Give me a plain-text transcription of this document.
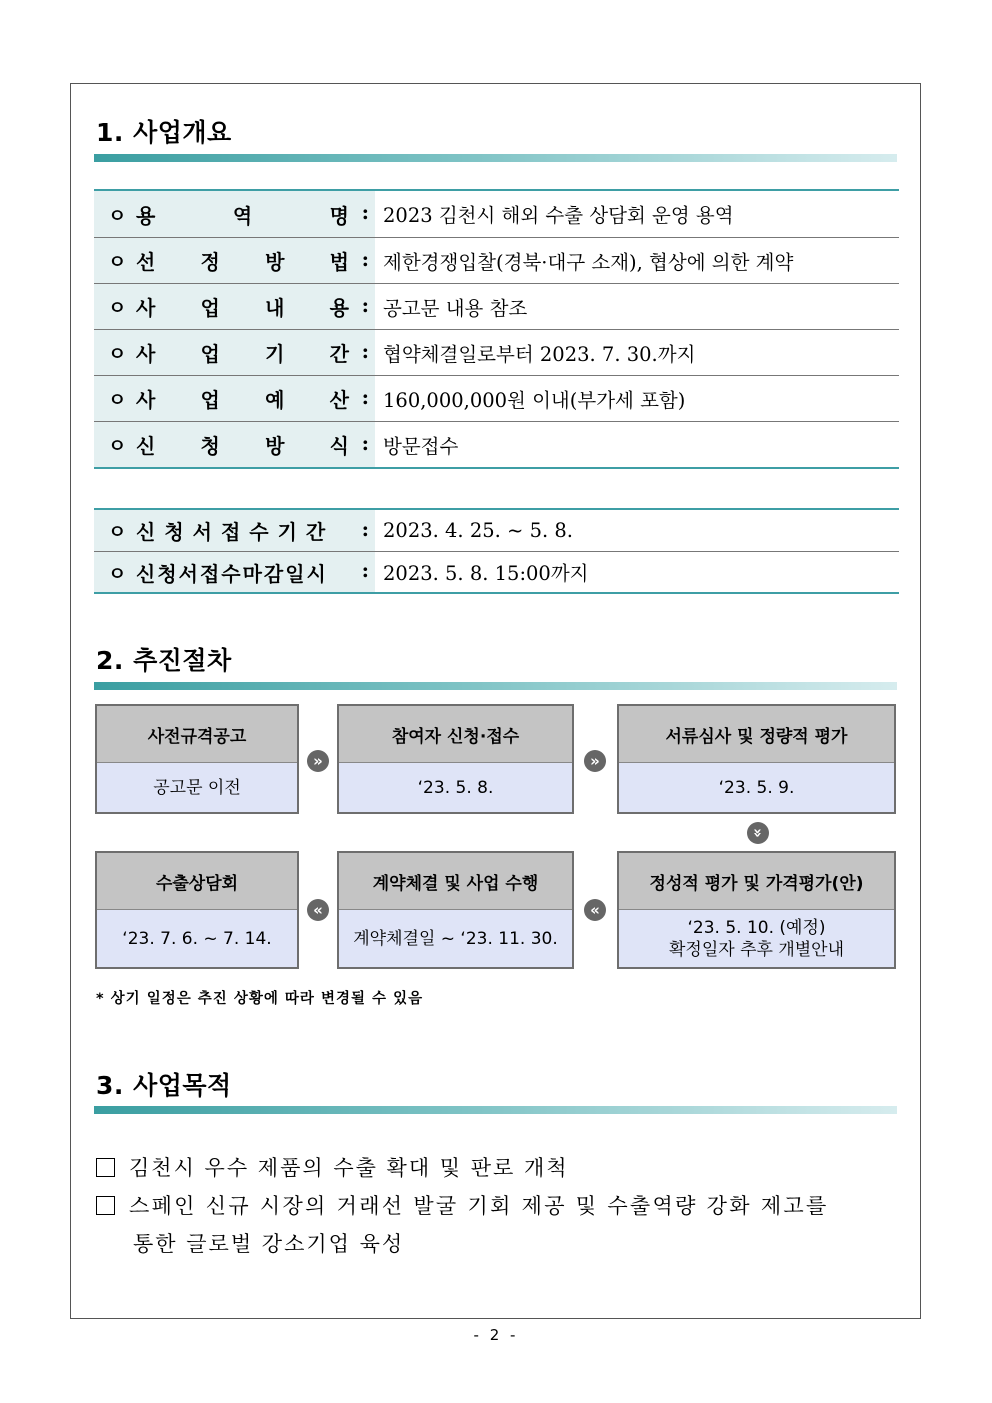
1. 사업개요
ㅇ 용	역	명 : 2023 김천시 해외 수출 상담회 운영 용역
ㅇ 선 정 방 법 : 제한경쟁입찰(경북·대구 소재), 협상에 의한 계약
ㅇ 사 업 내 용 : 공고문 내용 참조
ㅇ 사 업 기 간 : 협약체결일로부터 2023. 7. 30.까지
ㅇ 사 업 예 산 : 160,000,000원 이내(부가세 포함)
ㅇ 신 청 방 식 : 방문접수
ㅇ 신청서접수기간	: 2023. 4. 25. ~ 5. 8.
ㅇ 신청서접수마감일시	: 2023. 5. 8. 15:00까지
2. 추진절차
사전규격공고
공고문 이전
»
참여자 신청·접수
‘23. 5. 8.
»
서류심사 및 정량적 평가
‘23. 5. 9.
»
수출상담회
‘23. 7. 6. ~ 7. 14.
«
계약체결 및 사업 수행
계약체결일 ~ ‘23. 11. 30.
«
정성적 평가 및 가격평가(안)
‘23. 5. 10. (예정)
확정일자 추후 개별안내
* 상기 일정은 추진 상황에 따라 변경될 수 있음
3. 사업목적
김천시 우수 제품의 수출 확대 및 판로 개척
스페인 신규 시장의 거래선 발굴 기회 제공 및 수출역량 강화 제고를
통한 글로벌 강소기업 육성
- 2 -
